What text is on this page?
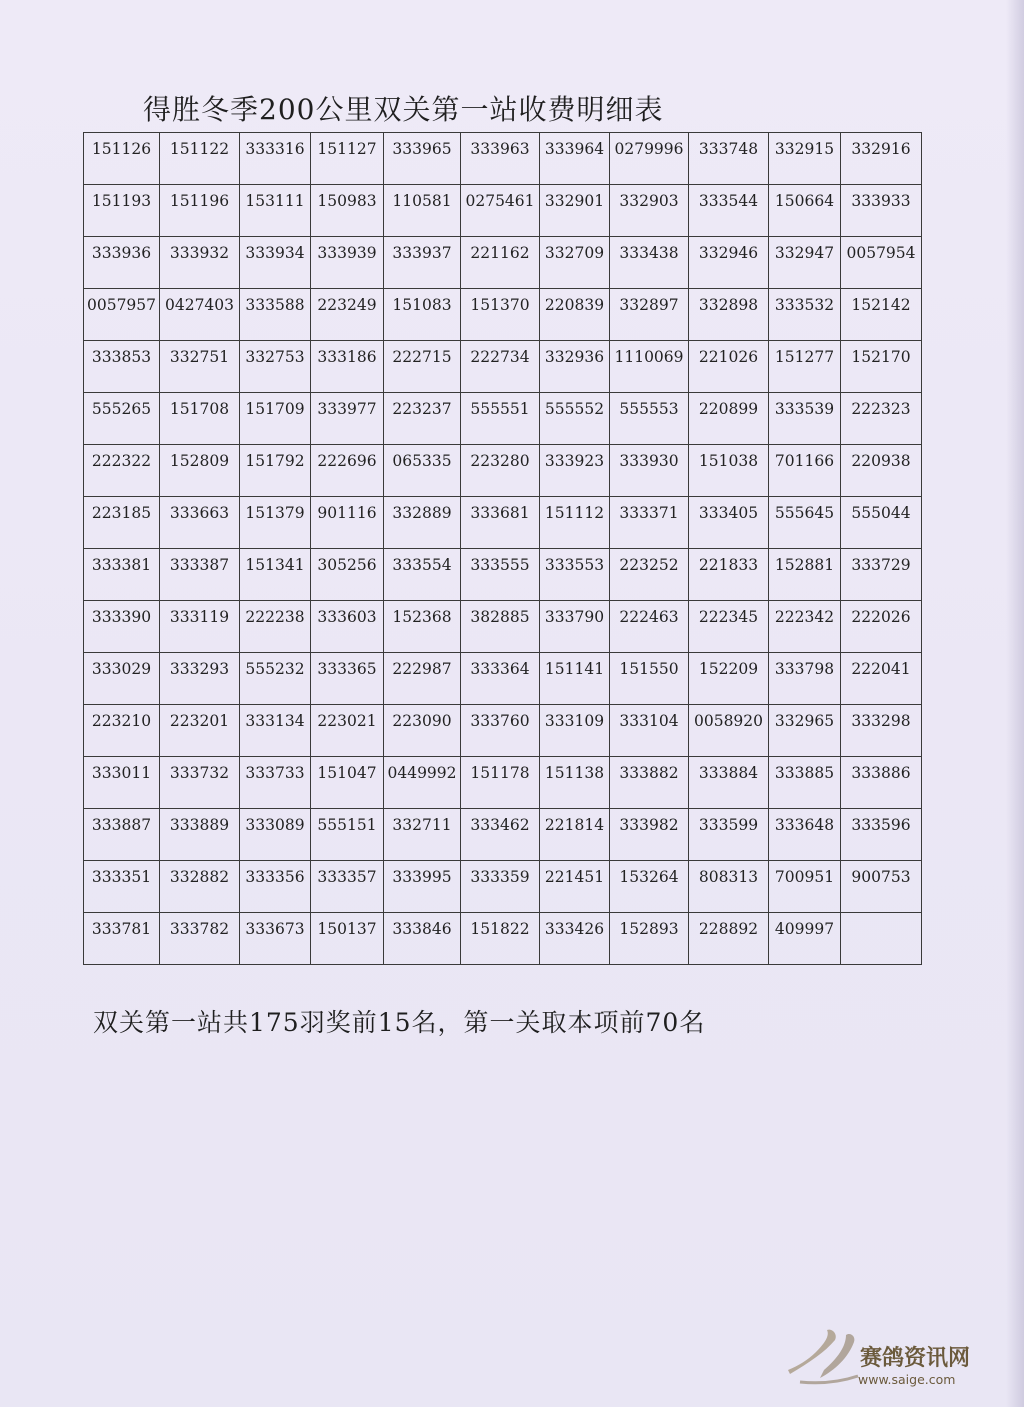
得胜冬季200公里双关第一站收费明细表
151126	151122	333316	151127	333965	333963	333964	0279996	333748	332915	332916
151193	151196	153111	150983	110581	0275461	332901	332903	333544	150664	333933
333936	333932	333934	333939	333937	221162	332709	333438	332946	332947	0057954
0057957	0427403	333588	223249	151083	151370	220839	332897	332898	333532	152142
333853	332751	332753	333186	222715	222734	332936	1110069	221026	151277	152170
555265	151708	151709	333977	223237	555551	555552	555553	220899	333539	222323
222322	152809	151792	222696	065335	223280	333923	333930	151038	701166	220938
223185	333663	151379	901116	332889	333681	151112	333371	333405	555645	555044
333381	333387	151341	305256	333554	333555	333553	223252	221833	152881	333729
333390	333119	222238	333603	152368	382885	333790	222463	222345	222342	222026
333029	333293	555232	333365	222987	333364	151141	151550	152209	333798	222041
223210	223201	333134	223021	223090	333760	333109	333104	0058920	332965	333298
333011	333732	333733	151047	0449992	151178	151138	333882	333884	333885	333886
333887	333889	333089	555151	332711	333462	221814	333982	333599	333648	333596
333351	332882	333356	333357	333995	333359	221451	153264	808313	700951	900753
333781	333782	333673	150137	333846	151822	333426	152893	228892	409997	
双关第一站共175羽奖前15名，第一关取本项前70名
赛鸽资讯网
www.saige.com
